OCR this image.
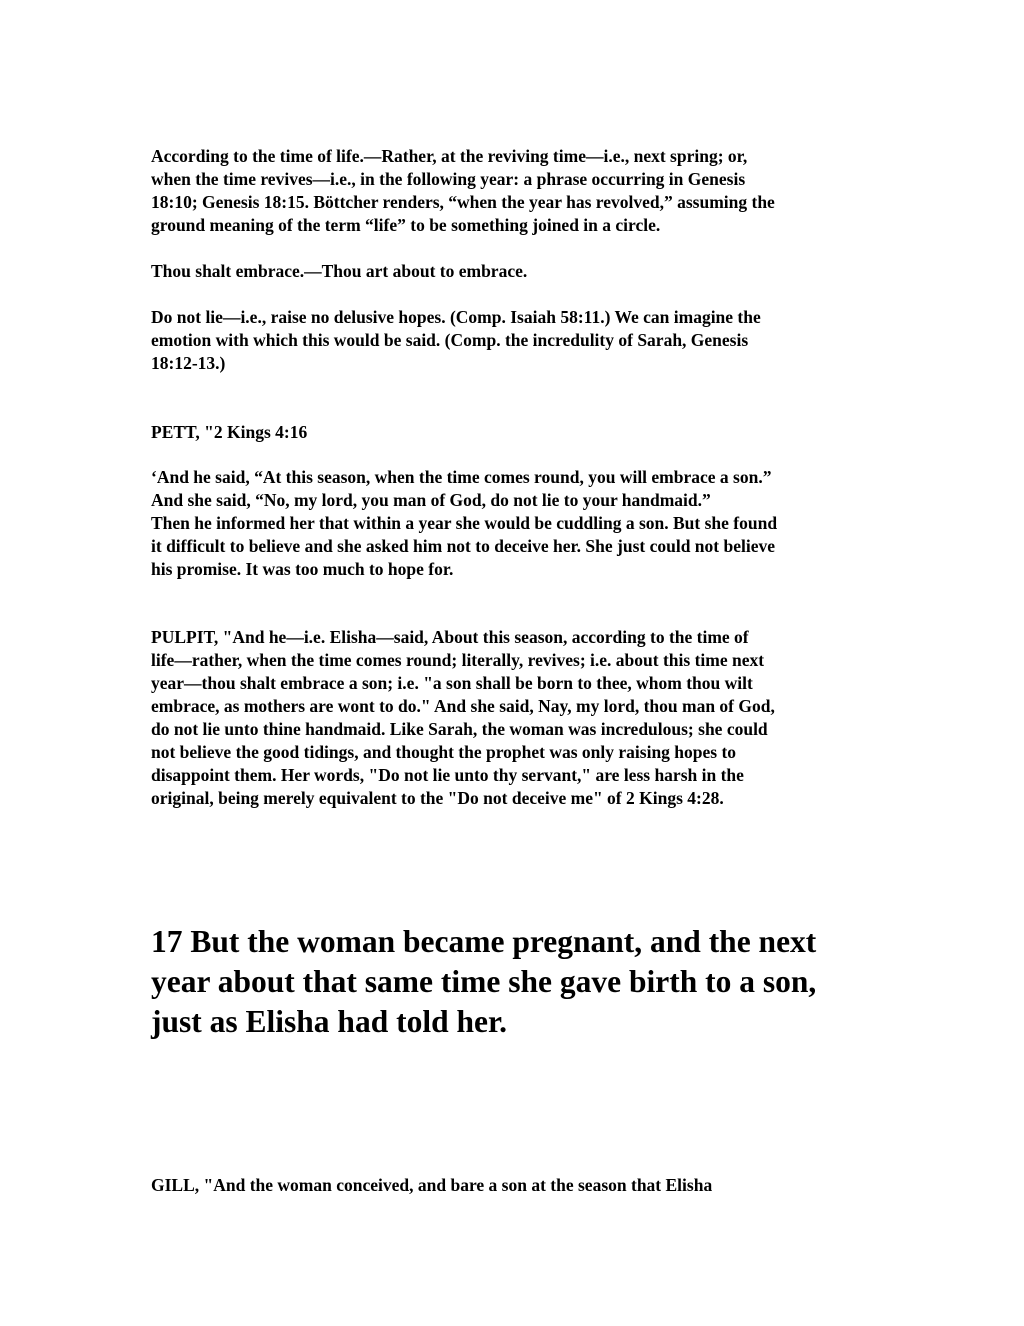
According to the time of life.—Rather, at the reviving time—i.e., next spring; or,
when the time revives—i.e., in the following year: a phrase occurring in Genesis
18:10; Genesis 18:15. Böttcher renders, “when the year has revolved,” assuming the
ground meaning of the term “life” to be something joined in a circle.

Thou shalt embrace.—Thou art about to embrace.

Do not lie—i.e., raise no delusive hopes. (Comp. Isaiah 58:11.) We can imagine the
emotion with which this would be said. (Comp. the incredulity of Sarah, Genesis
18:12-13.)

PETT, "2 Kings 4:16

‘And he said, “At this season, when the time comes round, you will embrace a son.”
And she said, “No, my lord, you man of God, do not lie to your handmaid.”
Then he informed her that within a year she would be cuddling a son. But she found
it difficult to believe and she asked him not to deceive her. She just could not believe
his promise. It was too much to hope for.

PULPIT, "And he—i.e. Elisha—said, About this season, according to the time of
life—rather, when the time comes round; literally, revives; i.e. about this time next
year—thou shalt embrace a son; i.e. "a son shall be born to thee, whom thou wilt
embrace, as mothers are wont to do." And she said, Nay, my lord, thou man of God,
do not lie unto thine handmaid. Like Sarah, the woman was incredulous; she could
not believe the good tidings, and thought the prophet was only raising hopes to
disappoint them. Her words, "Do not lie unto thy servant," are less harsh in the
original, being merely equivalent to the "Do not deceive me" of 2 Kings 4:28.

17 But the woman became pregnant, and the next
year about that same time she gave birth to a son,
just as Elisha had told her.

GILL, "And the woman conceived, and bare a son at the season that Elisha
